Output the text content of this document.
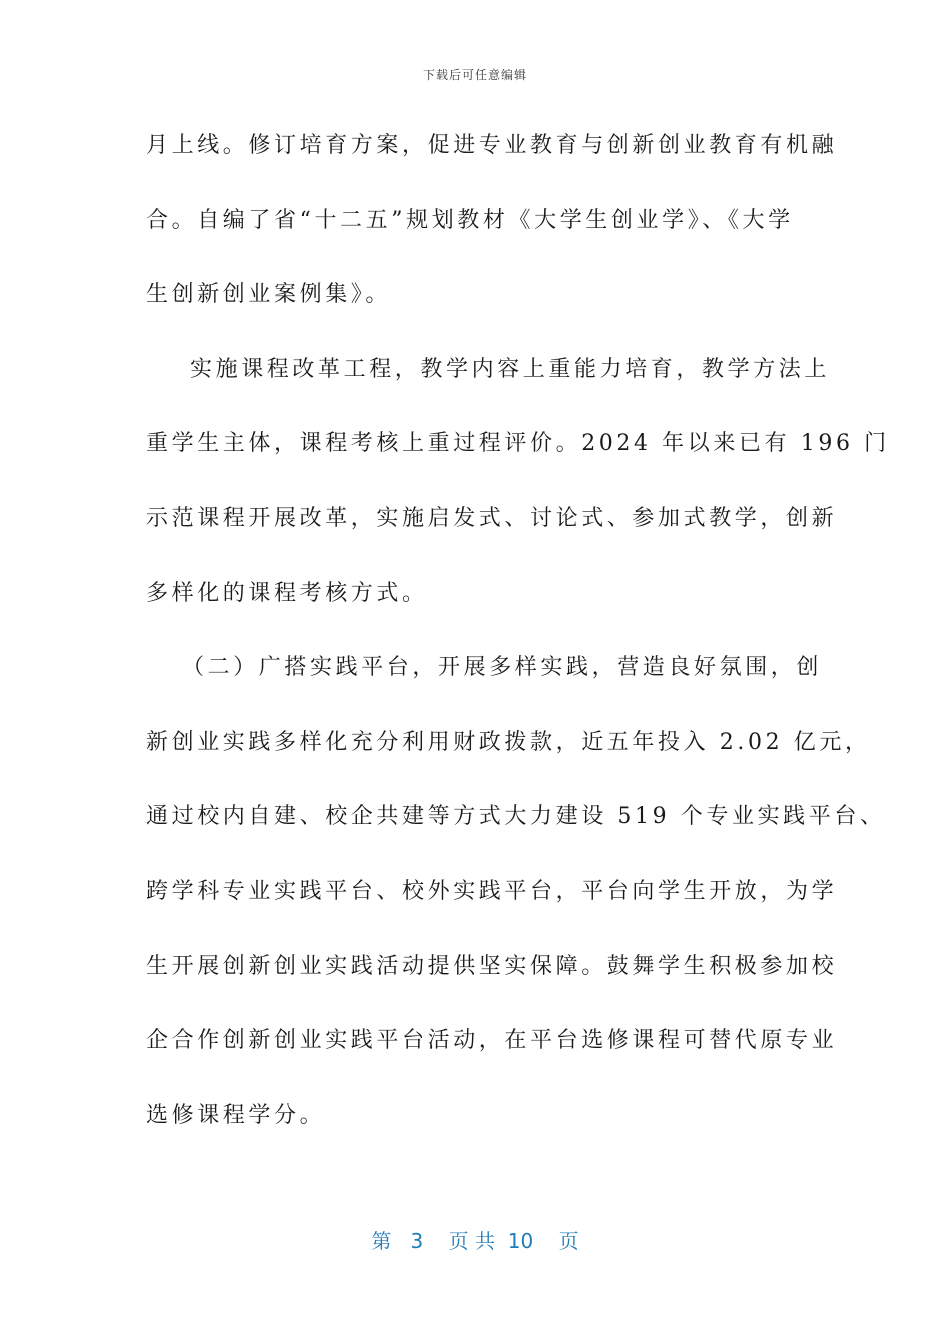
下载后可任意编辑
月上线。修订培育方案，促进专业教育与创新创业教育有机融
合。自编了省“十二五”规划教材《大学生创业学》、《大学
生创新创业案例集》。
实施课程改革工程，教学内容上重能力培育，教学方法上
重学生主体，课程考核上重过程评价。2024 年以来已有 196 门
示范课程开展改革，实施启发式、讨论式、参加式教学，创新
多样化的课程考核方式。
（二）广搭实践平台，开展多样实践，营造良好氛围，创
新创业实践多样化充分利用财政拨款，近五年投入 2.02 亿元，
通过校内自建、校企共建等方式大力建设 519 个专业实践平台、
跨学科专业实践平台、校外实践平台，平台向学生开放，为学
生开展创新创业实践活动提供坚实保障。鼓舞学生积极参加校
企合作创新创业实践平台活动，在平台选修课程可替代原专业
选修课程学分。
第 3 页 共 10 页
